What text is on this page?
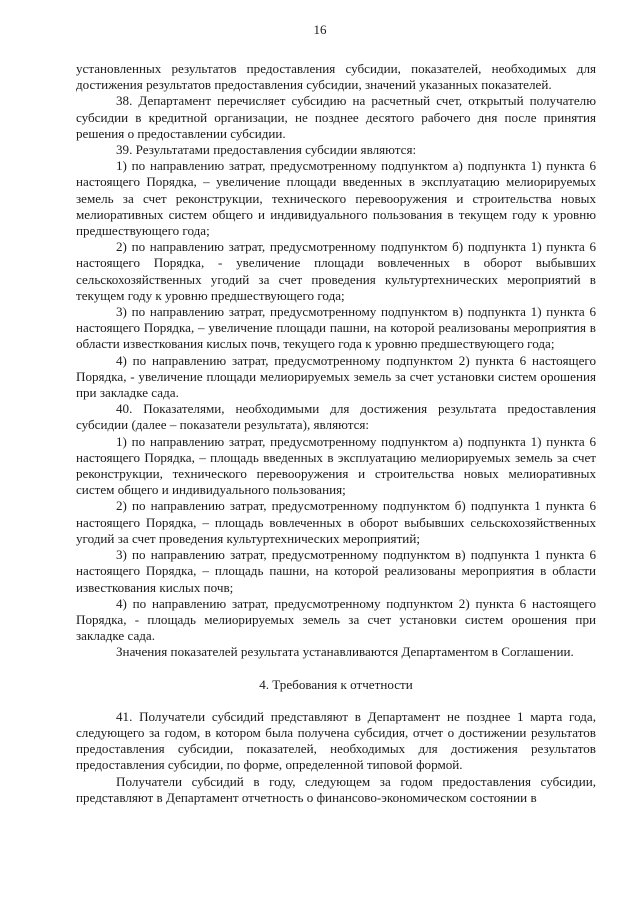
16

установленных результатов предоставления субсидии, показателей, необходимых для достижения результатов предоставления субсидии, значений указанных показателей.

38. Департамент перечисляет субсидию на расчетный счет, открытый получателю субсидии в кредитной организации, не позднее десятого рабочего дня после принятия решения о предоставлении субсидии.

39. Результатами предоставления субсидии являются:

1) по направлению затрат, предусмотренному подпунктом а) подпункта 1) пункта 6 настоящего Порядка, – увеличение площади введенных в эксплуатацию мелиорируемых земель за счет реконструкции, технического перевооружения и строительства новых мелиоративных систем общего и индивидуального пользования в текущем году к уровню предшествующего года;

2) по направлению затрат, предусмотренному подпунктом б) подпункта 1) пункта 6 настоящего Порядка, - увеличение площади вовлеченных в оборот выбывших сельскохозяйственных угодий за счет проведения культуртехнических мероприятий в текущем году к уровню предшествующего года;

3) по направлению затрат, предусмотренному подпунктом в) подпункта 1) пункта 6 настоящего Порядка, – увеличение площади пашни, на которой реализованы мероприятия в области известкования кислых почв, текущего года к уровню предшествующего года;

4) по направлению затрат, предусмотренному подпунктом 2) пункта 6 настоящего Порядка, - увеличение площади мелиорируемых земель за счет установки систем орошения при закладке сада.

40. Показателями, необходимыми для достижения результата предоставления субсидии (далее – показатели результата), являются:

1) по направлению затрат, предусмотренному подпунктом а) подпункта 1) пункта 6 настоящего Порядка, – площадь введенных в эксплуатацию мелиорируемых земель за счет реконструкции, технического перевооружения и строительства новых мелиоративных систем общего и индивидуального пользования;

2) по направлению затрат, предусмотренному подпунктом б) подпункта 1 пункта 6 настоящего Порядка, – площадь вовлеченных в оборот выбывших сельскохозяйственных угодий за счет проведения культуртехнических мероприятий;

3) по направлению затрат, предусмотренному подпунктом в) подпункта 1 пункта 6 настоящего Порядка, – площадь пашни, на которой реализованы мероприятия в области известкования кислых почв;

4) по направлению затрат, предусмотренному подпунктом 2) пункта 6 настоящего Порядка, - площадь мелиорируемых земель за счет установки систем орошения при закладке сада.

Значения показателей результата устанавливаются Департаментом в Соглашении.

4. Требования к отчетности

41. Получатели субсидий представляют в Департамент не позднее 1 марта года, следующего за годом, в котором была получена субсидия, отчет о достижении результатов предоставления субсидии, показателей, необходимых для достижения результатов предоставления субсидии, по форме, определенной типовой формой.

Получатели субсидий в году, следующем за годом предоставления субсидии, представляют в Департамент отчетность о финансово-экономическом состоянии в
